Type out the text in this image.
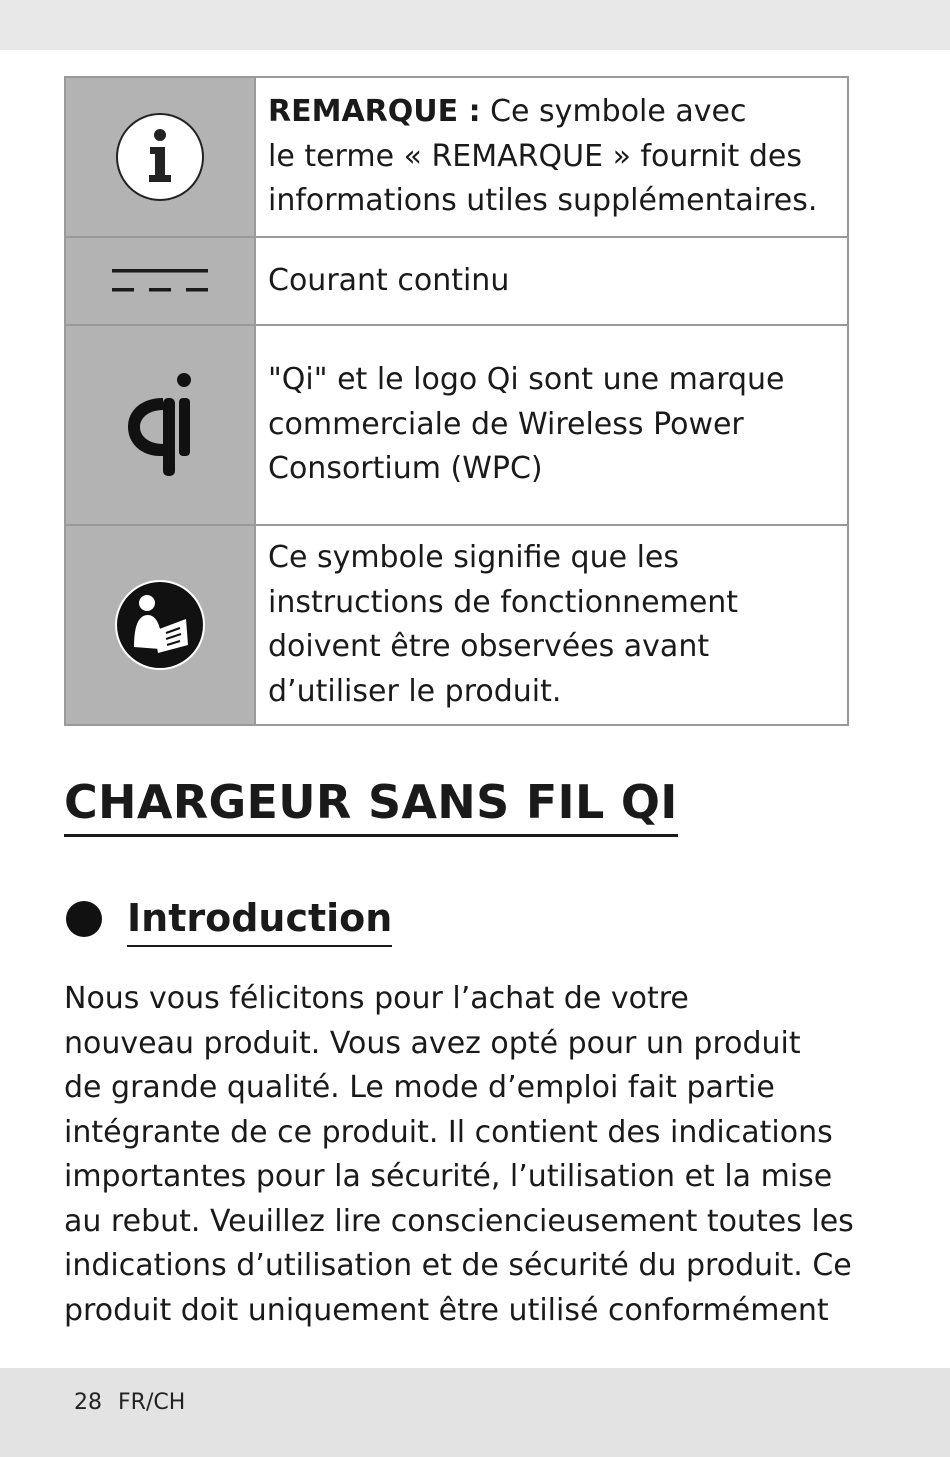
	REMARQUE : Ce symbole avec
le terme « REMARQUE » fournit des
informations utiles supplémentaires.

	Courant continu

	"Qi" et le logo Qi sont une marque
commerciale de Wireless Power
Consortium (WPC)

	Ce symbole signifie que les
instructions de fonctionnement
doivent être observées avant
d’utiliser le produit.
CHARGEUR SANS FIL QI
Introduction

Nous vous félicitons pour l’achat de votre
nouveau produit. Vous avez opté pour un produit
de grande qualité. Le mode d’emploi fait partie
intégrante de ce produit. Il contient des indications
importantes pour la sécurité, l’utilisation et la mise
au rebut. Veuillez lire consciencieusement toutes les
indications d’utilisation et de sécurité du produit. Ce
produit doit uniquement être utilisé conformément

28 FR/CH
